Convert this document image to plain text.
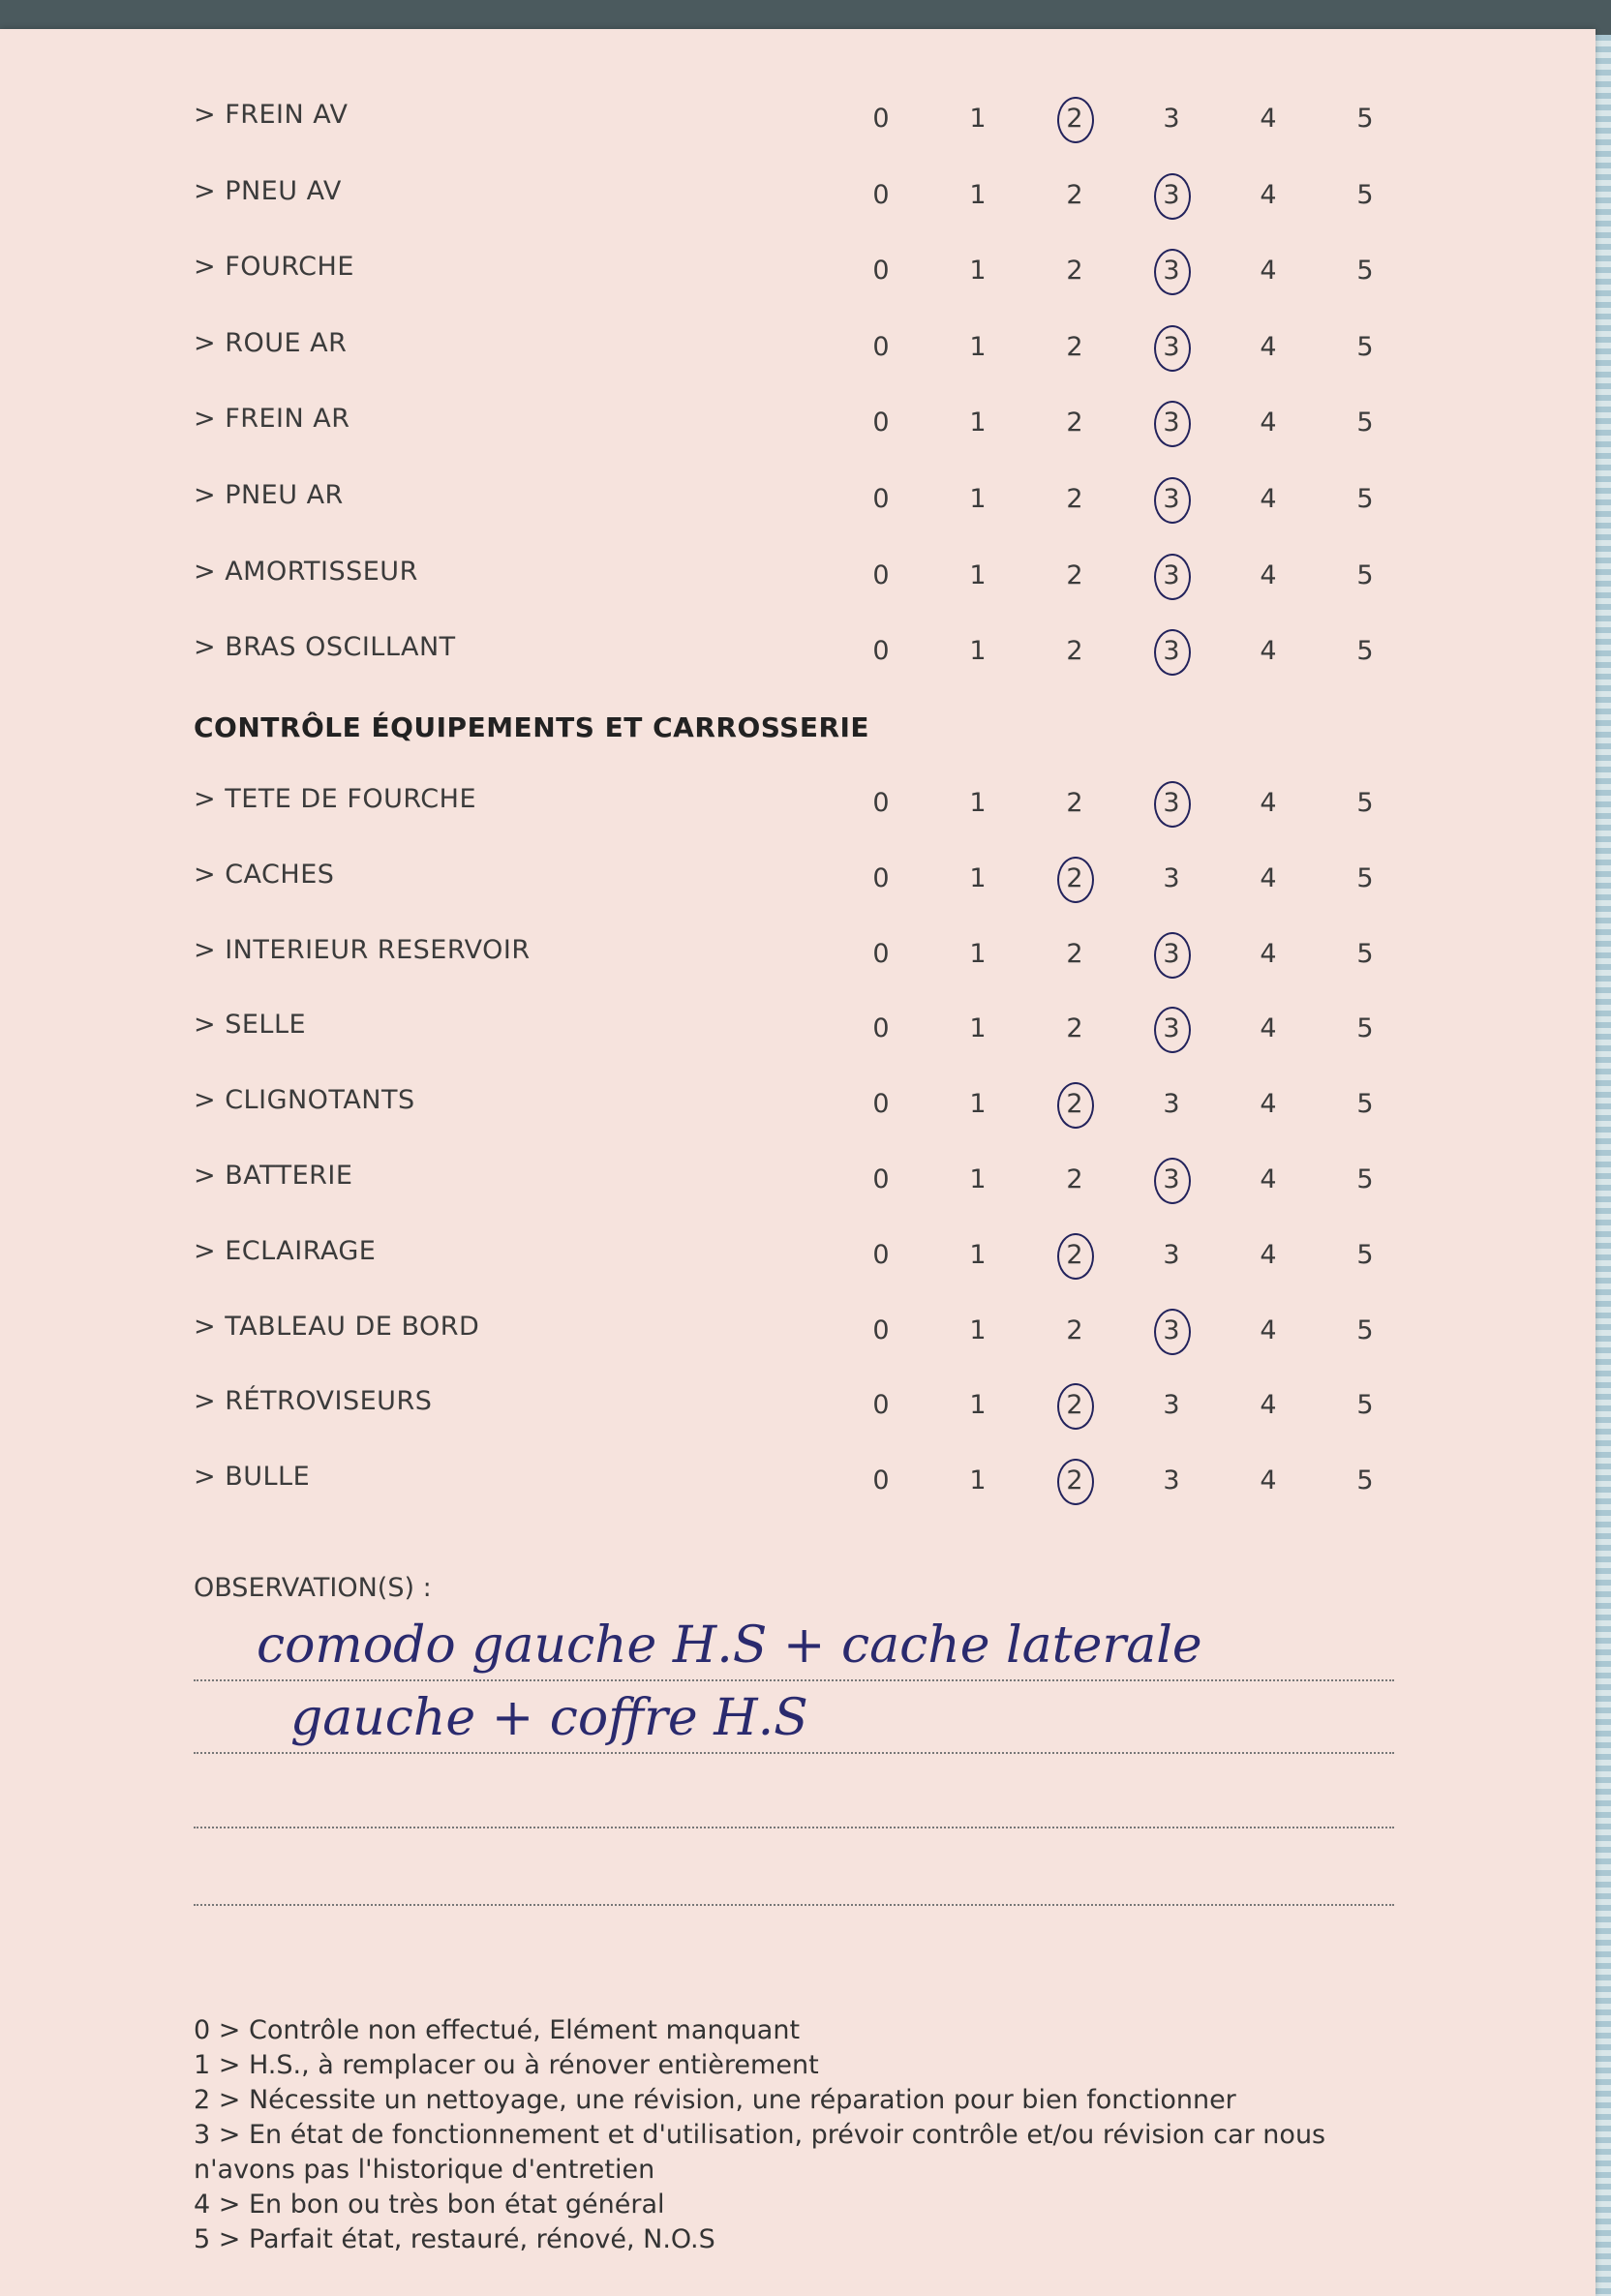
> FREIN AV	0	1	2	3	4	5
> PNEU AV	0	1	2	3	4	5
> FOURCHE	0	1	2	3	4	5
> ROUE AR	0	1	2	3	4	5
> FREIN AR	0	1	2	3	4	5
> PNEU AR	0	1	2	3	4	5
> AMORTISSEUR	0	1	2	3	4	5
> BRAS OSCILLANT	0	1	2	3	4	5
CONTRÔLE ÉQUIPEMENTS ET CARROSSERIE
> TETE DE FOURCHE	0	1	2	3	4	5
> CACHES	0	1	2	3	4	5
> INTERIEUR RESERVOIR	0	1	2	3	4	5
> SELLE	0	1	2	3	4	5
> CLIGNOTANTS	0	1	2	3	4	5
> BATTERIE	0	1	2	3	4	5
> ECLAIRAGE	0	1	2	3	4	5
> TABLEAU DE BORD	0	1	2	3	4	5
> RÉTROVISEURS	0	1	2	3	4	5
> BULLE	0	1	2	3	4	5
OBSERVATION(S) :
comodo gauche H.S + cache laterale
gauche + coffre H.S
0 > Contrôle non effectué, Elément manquant
1 > H.S., à remplacer ou à rénover entièrement
2 > Nécessite un nettoyage, une révision, une réparation pour bien fonctionner
3 > En état de fonctionnement et d'utilisation, prévoir contrôle et/ou révision car nous n'avons pas l'historique d'entretien
4 > En bon ou très bon état général
5 > Parfait état, restauré, rénové, N.O.S
